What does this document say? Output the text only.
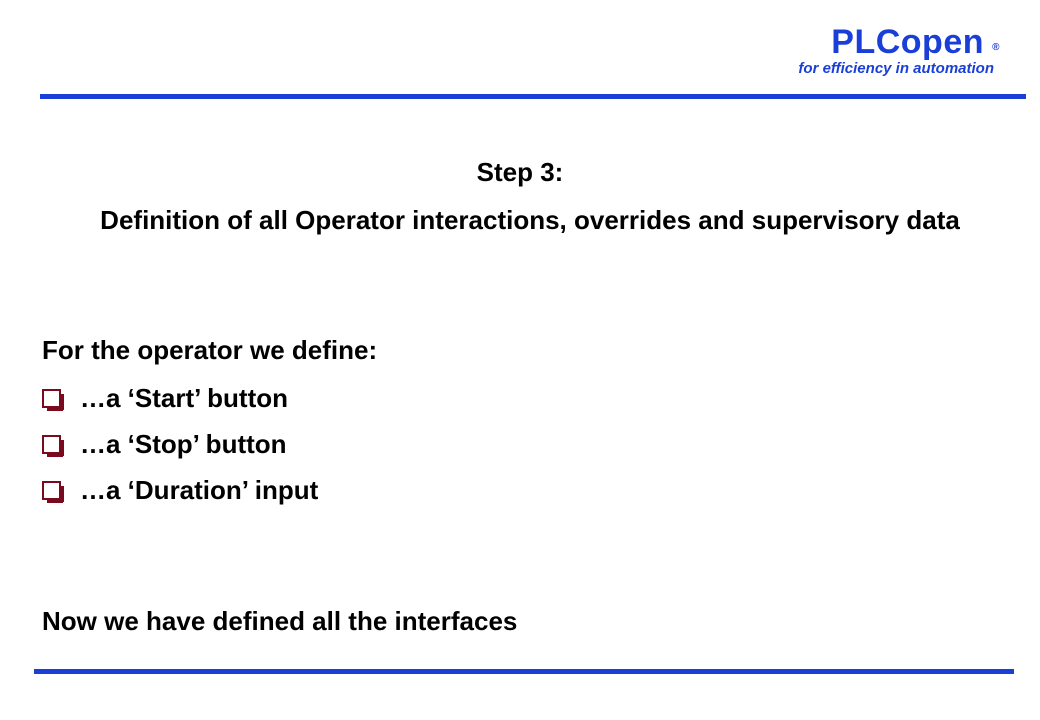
PLCopen ®
for efficiency in automation
Step 3:
Definition of all Operator interactions, overrides and supervisory data
For the operator we define:
…a ‘Start’ button
…a ‘Stop’ button
…a ‘Duration’ input
Now we have defined all the interfaces
